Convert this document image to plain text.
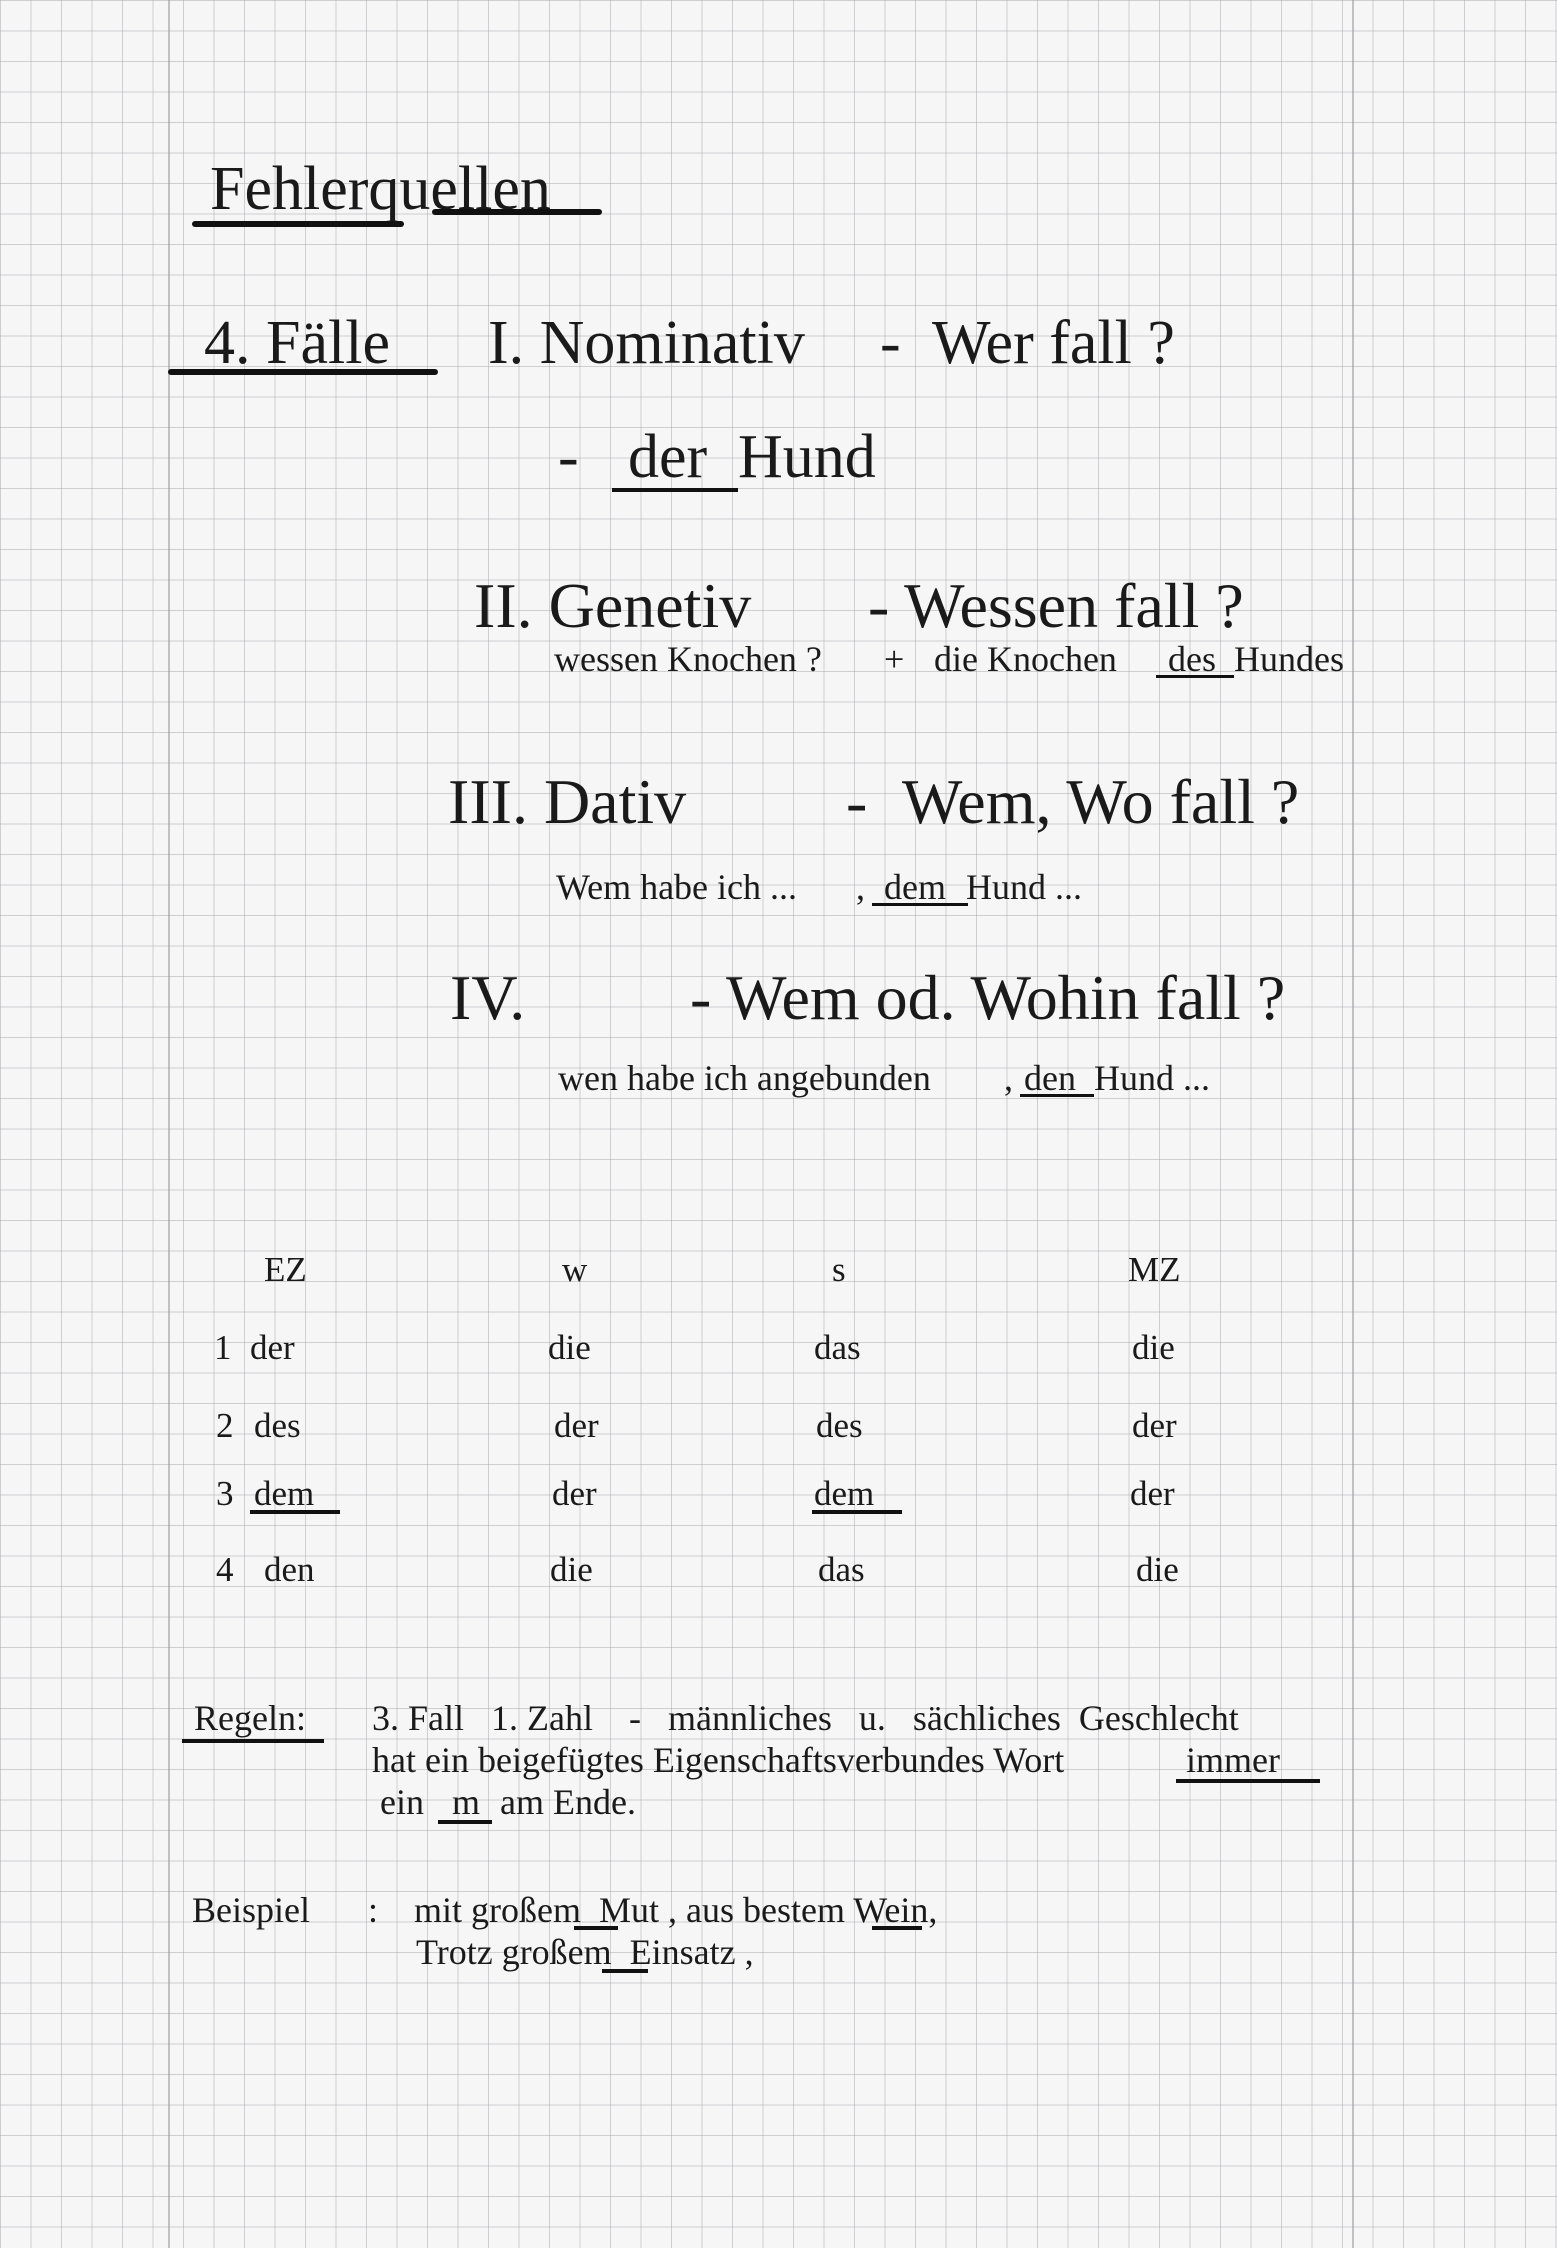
Fehlerquellen
4. Fälle I. Nominativ - Wer fall ?
- der Hund
II. Genetiv - Wessen fall ?
wessen Knochen ? + die Knochen des Hundes
III. Dativ - Wem, Wo fall ?
Wem habe ich ... , dem Hund ...
IV.	- Wem od. Wohin fall ?
wen habe ich angebunden , den Hund ...
EZ	w	s	MZ
1 der	die	das	die
2 des	der	des	der
3 dem	der	dem	der
4 den	die	das	die
Regeln: 3. Fall   1. Zahl    -   männliches   u.   sächliches  Geschlecht
hat ein beigefügtes Eigenschaftsverbundes Wort	immer
ein m am Ende.
Beispiel : mit großem  Mut , aus bestem Wein,
Trotz großem  Einsatz ,
